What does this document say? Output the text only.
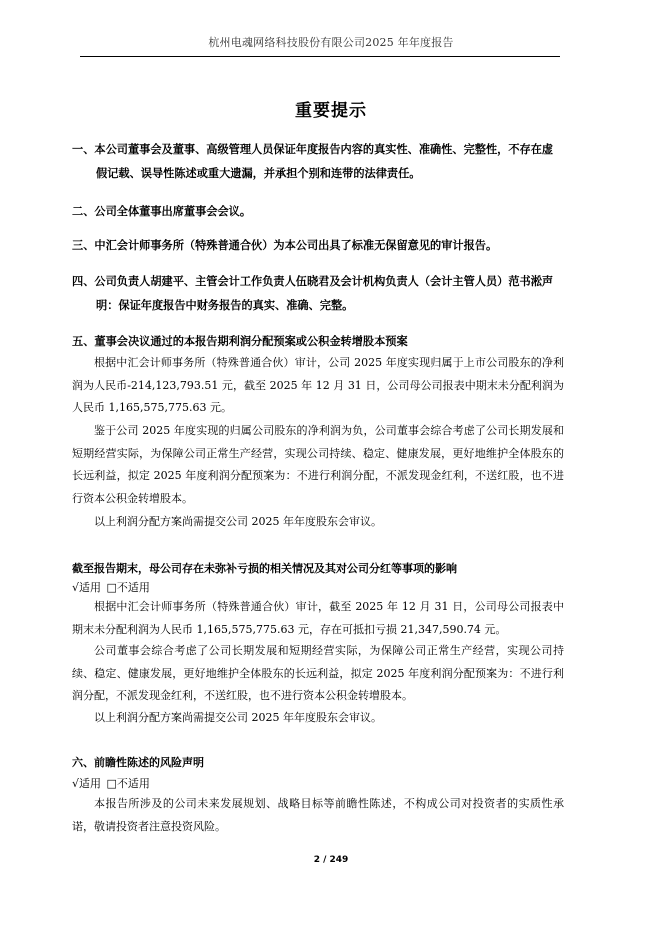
杭州电魂网络科技股份有限公司2025 年年度报告
重要提示
一、本公司董事会及董事、高级管理人员保证年度报告内容的真实性、准确性、完整性，不存在虚假记载、误导性陈述或重大遗漏，并承担个别和连带的法律责任。
二、公司全体董事出席董事会会议。
三、中汇会计师事务所（特殊普通合伙）为本公司出具了标准无保留意见的审计报告。
四、公司负责人胡建平、主管会计工作负责人伍晓君及会计机构负责人（会计主管人员）范书淞声明：保证年度报告中财务报告的真实、准确、完整。
五、董事会决议通过的本报告期利润分配预案或公积金转增股本预案
根据中汇会计师事务所（特殊普通合伙）审计，公司 2025 年度实现归属于上市公司股东的净利润为人民币-214,123,793.51 元，截至 2025 年 12 月 31 日，公司母公司报表中期末未分配利润为人民币 1,165,575,775.63 元。
鉴于公司 2025 年度实现的归属公司股东的净利润为负，公司董事会综合考虑了公司长期发展和短期经营实际，为保障公司正常生产经营，实现公司持续、稳定、健康发展，更好地维护全体股东的长远利益，拟定 2025 年度利润分配预案为：不进行利润分配，不派发现金红利，不送红股，也不进行资本公积金转增股本。
以上利润分配方案尚需提交公司 2025 年年度股东会审议。
截至报告期末，母公司存在未弥补亏损的相关情况及其对公司分红等事项的影响
√适用 □不适用
根据中汇会计师事务所（特殊普通合伙）审计，截至 2025 年 12 月 31 日，公司母公司报表中期末未分配利润为人民币 1,165,575,775.63 元，存在可抵扣亏损 21,347,590.74 元。
公司董事会综合考虑了公司长期发展和短期经营实际，为保障公司正常生产经营，实现公司持续、稳定、健康发展，更好地维护全体股东的长远利益，拟定 2025 年度利润分配预案为：不进行利润分配，不派发现金红利，不送红股，也不进行资本公积金转增股本。
以上利润分配方案尚需提交公司 2025 年年度股东会审议。
六、前瞻性陈述的风险声明
√适用 □不适用
本报告所涉及的公司未来发展规划、战略目标等前瞻性陈述，不构成公司对投资者的实质性承诺，敬请投资者注意投资风险。
2 / 249
